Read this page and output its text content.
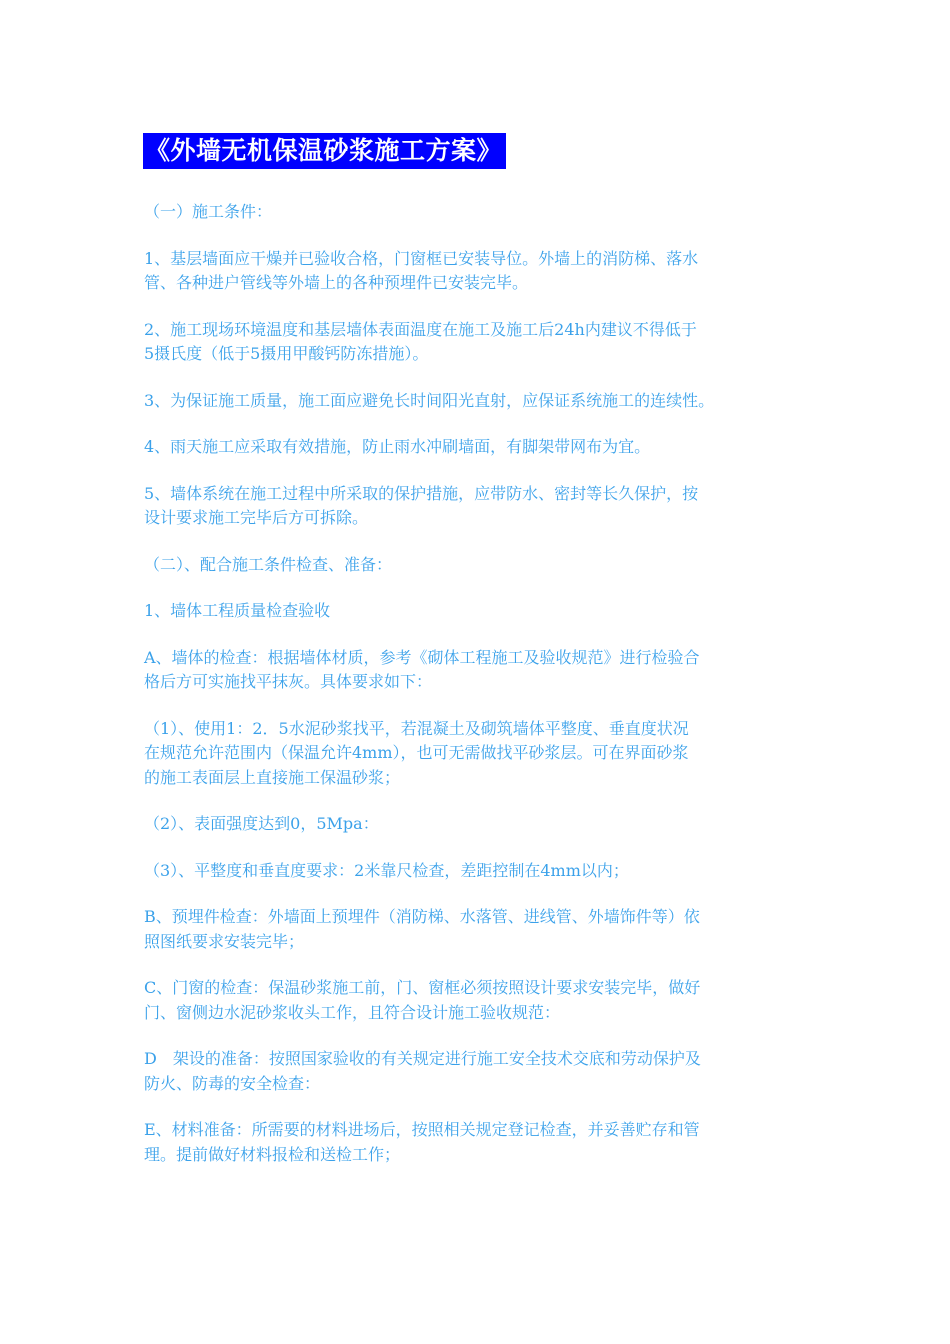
《外墙无机保温砂浆施工方案》

（一）施工条件：

1、基层墙面应干燥并已验收合格，门窗框已安装导位。外墙上的消防梯、落水
管、各种进户管线等外墙上的各种预埋件已安装完毕。

2、施工现场环境温度和基层墙体表面温度在施工及施工后24h内建议不得低于
5摄氏度（低于5摄用甲酸钙防冻措施）。

3、为保证施工质量，施工面应避免长时间阳光直射，应保证系统施工的连续性。

4、雨天施工应采取有效措施，防止雨水冲刷墙面，有脚架带网布为宜。

5、墙体系统在施工过程中所采取的保护措施，应带防水、密封等长久保护，按
设计要求施工完毕后方可拆除。

（二）、配合施工条件检查、准备：

1、墙体工程质量检查验收

A、墙体的检查：根据墙体材质，参考《砌体工程施工及验收规范》进行检验合
格后方可实施找平抹灰。具体要求如下：

（1）、使用1：2．5水泥砂浆找平，若混凝土及砌筑墙体平整度、垂直度状况
在规范允许范围内（保温允许4mm），也可无需做找平砂浆层。可在界面砂浆
的施工表面层上直接施工保温砂浆；

（2）、表面强度达到0，5Mpa：

（3）、平整度和垂直度要求：2米靠尺检查，差距控制在4mm以内；

B、预埋件检查：外墙面上预埋件（消防梯、水落管、进线管、外墙饰件等）依
照图纸要求安装完毕；

C、门窗的检查：保温砂浆施工前，门、窗框必须按照设计要求安装完毕，做好
门、窗侧边水泥砂浆收头工作，且符合设计施工验收规范：

D　架设的准备：按照国家验收的有关规定进行施工安全技术交底和劳动保护及
防火、防毒的安全检查：

E、材料准备：所需要的材料进场后，按照相关规定登记检查，并妥善贮存和管
理。提前做好材料报检和送检工作；
